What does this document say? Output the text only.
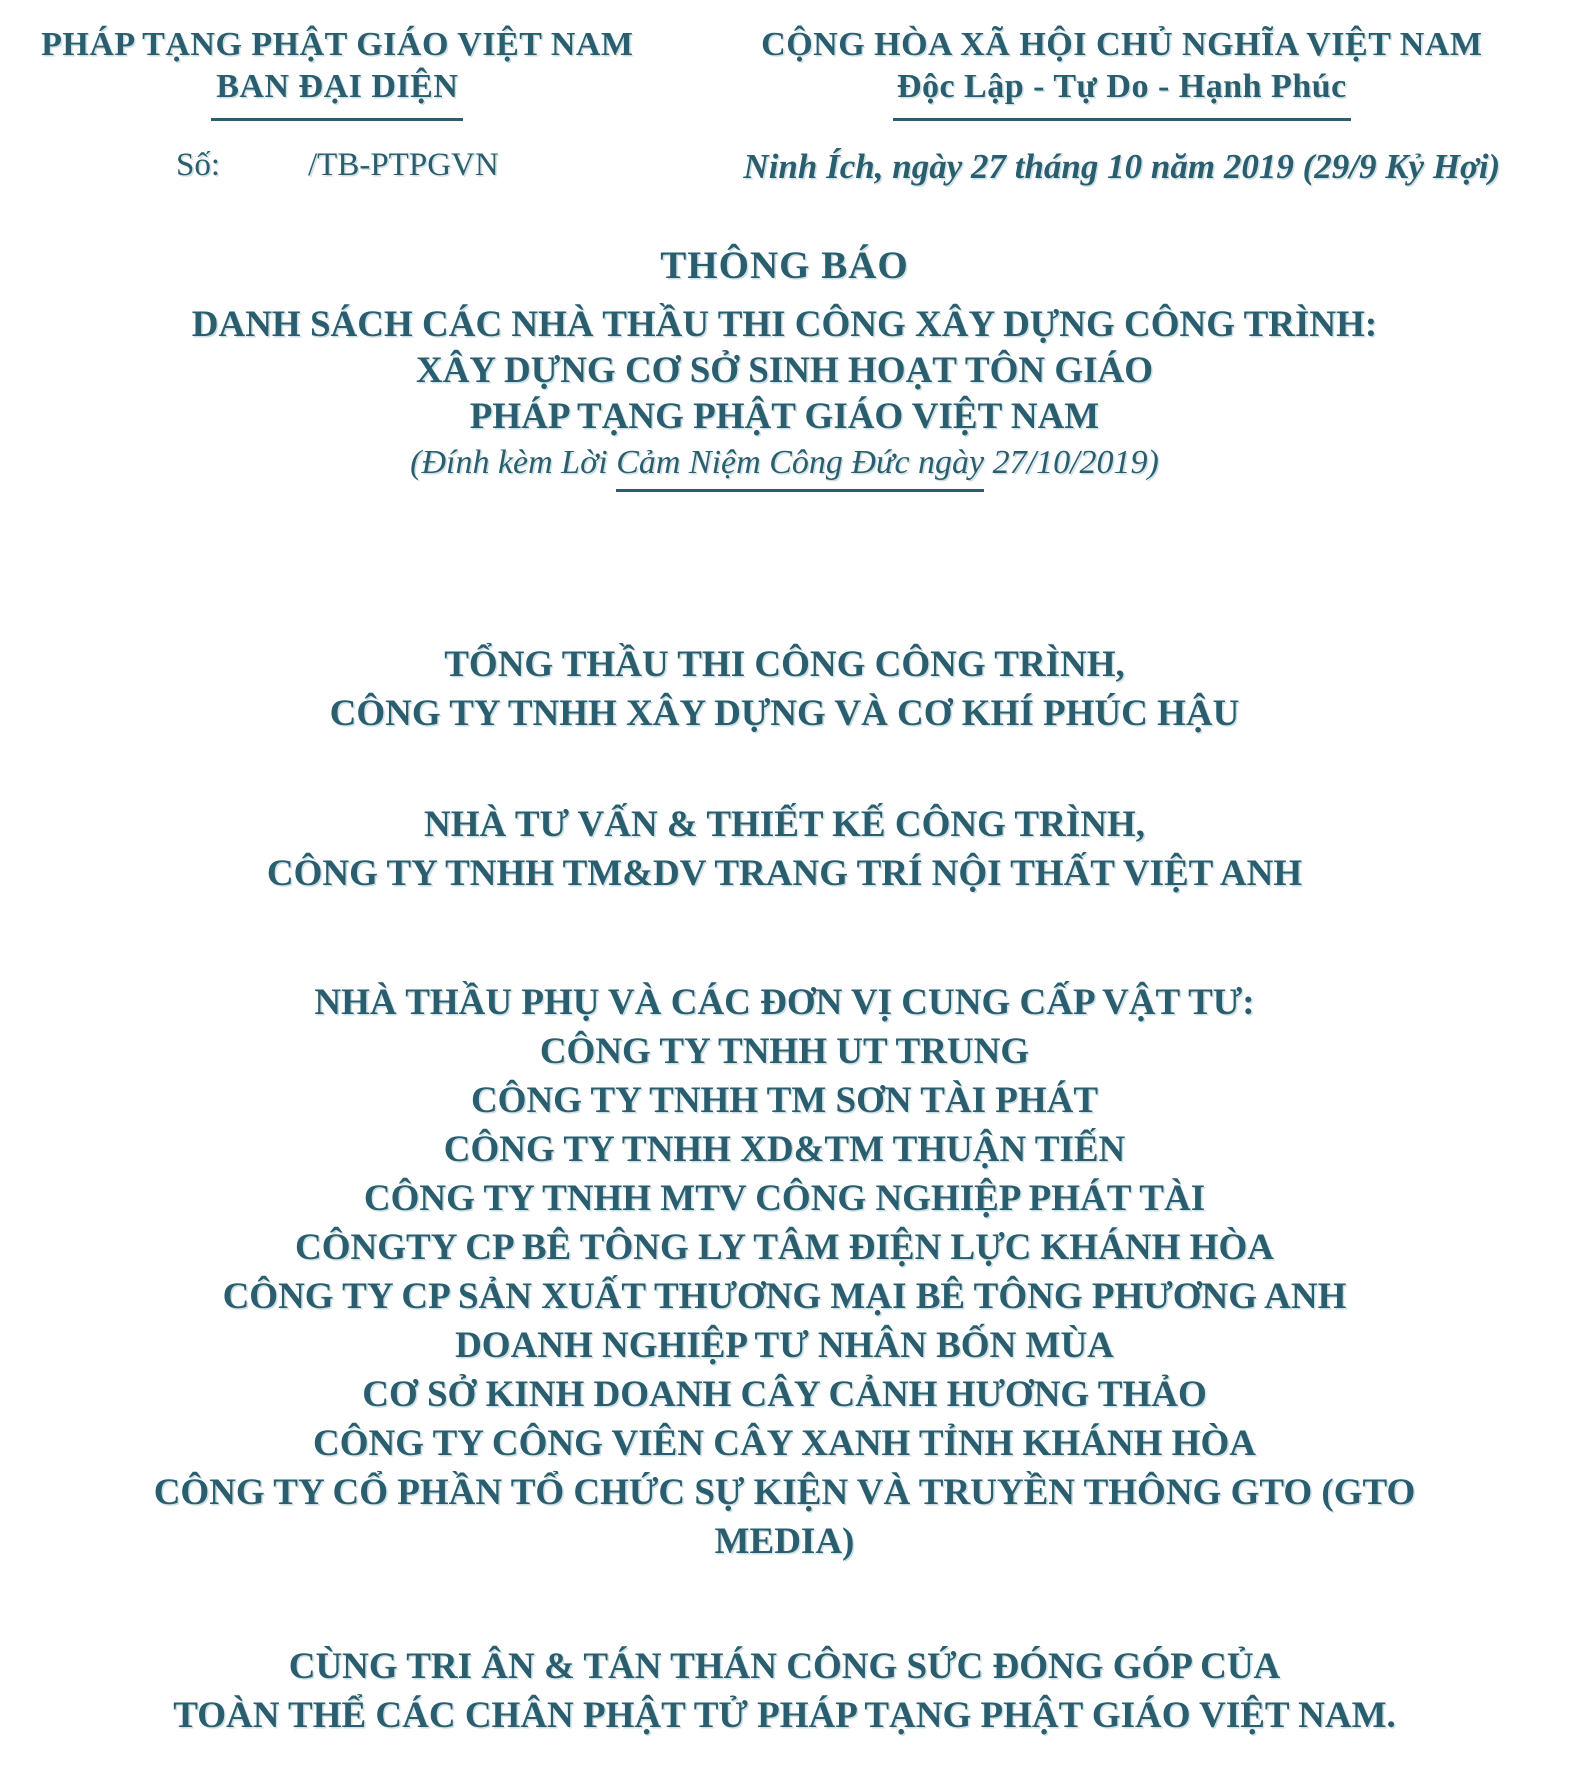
PHÁP TẠNG PHẬT GIÁO VIỆT NAM
BAN ĐẠI DIỆN
CỘNG HÒA XÃ HỘI CHỦ NGHĨA VIỆT NAM
Độc Lập - Tự Do - Hạnh Phúc
Số:	/TB-PTPGVN	Ninh Ích, ngày 27 tháng 10 năm 2019 (29/9 Kỷ Hợi)
THÔNG BÁO
DANH SÁCH CÁC NHÀ THẦU THI CÔNG XÂY DỰNG CÔNG TRÌNH:
XÂY DỰNG CƠ SỞ SINH HOẠT TÔN GIÁO
PHÁP TẠNG PHẬT GIÁO VIỆT NAM
(Đính kèm Lời Cảm Niệm Công Đức ngày 27/10/2019)
TỔNG THẦU THI CÔNG CÔNG TRÌNH,
CÔNG TY TNHH XÂY DỰNG VÀ CƠ KHÍ PHÚC HẬU
NHÀ TƯ VẤN & THIẾT KẾ CÔNG TRÌNH,
CÔNG TY TNHH TM&DV TRANG TRÍ NỘI THẤT VIỆT ANH
NHÀ THẦU PHỤ VÀ CÁC ĐƠN VỊ CUNG CẤP VẬT TƯ:
CÔNG TY TNHH UT TRUNG
CÔNG TY TNHH TM SƠN TÀI PHÁT
CÔNG TY TNHH XD&TM THUẬN TIẾN
CÔNG TY TNHH MTV CÔNG NGHIỆP PHÁT TÀI
CÔNGTY CP BÊ TÔNG LY TÂM ĐIỆN LỰC KHÁNH HÒA
CÔNG TY CP SẢN XUẤT THƯƠNG MẠI BÊ TÔNG PHƯƠNG ANH
DOANH NGHIỆP TƯ NHÂN BỐN MÙA
CƠ SỞ KINH DOANH CÂY CẢNH HƯƠNG THẢO
CÔNG TY CÔNG VIÊN CÂY XANH TỈNH KHÁNH HÒA
CÔNG TY CỔ PHẦN TỔ CHỨC SỰ KIỆN VÀ TRUYỀN THÔNG GTO (GTO MEDIA)
CÙNG TRI ÂN & TÁN THÁN CÔNG SỨC ĐÓNG GÓP CỦA
TOÀN THỂ CÁC CHÂN PHẬT TỬ PHÁP TẠNG PHẬT GIÁO VIỆT NAM.
